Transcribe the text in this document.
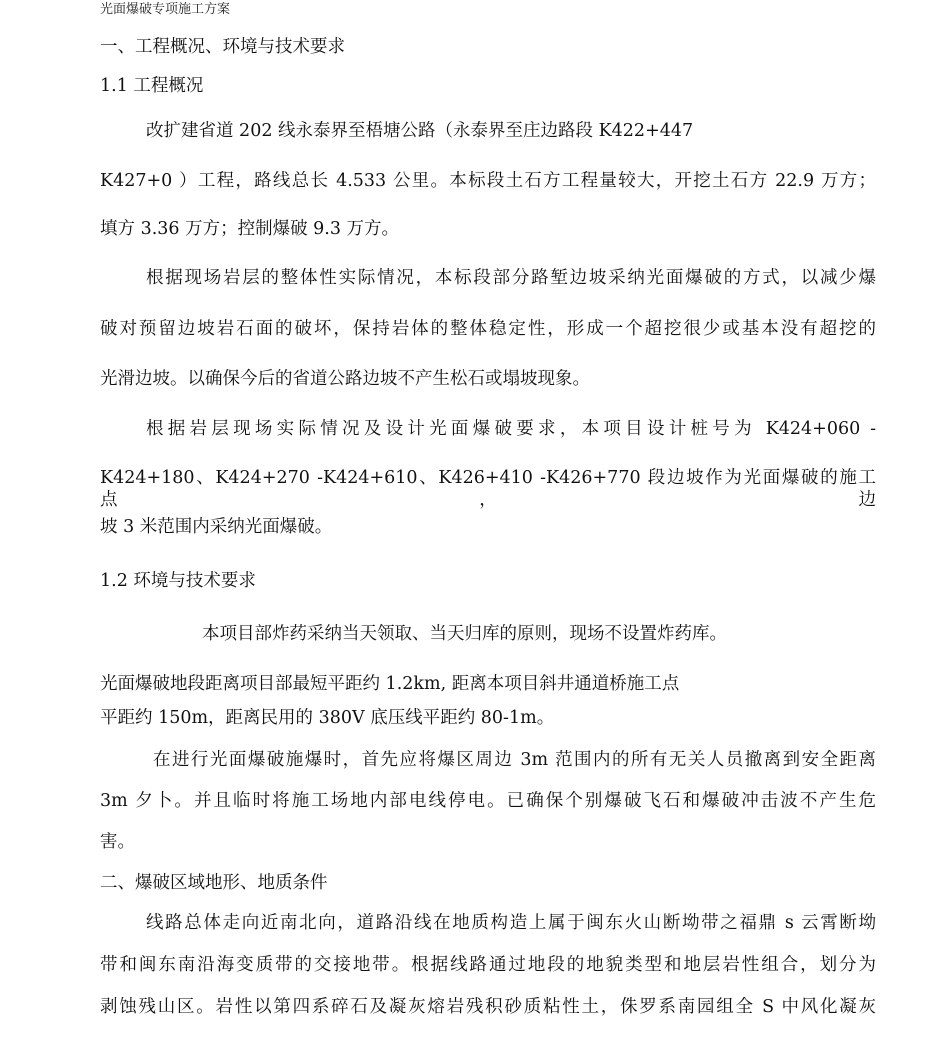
光面爆破专项施工方案
一、工程概况、环境与技术要求
1.1 工程概况
改扩建省道 202 线永泰界至梧塘公路（永泰界至庄边路段 K422+447
K427+0 ）工程，路线总长 4.533 公里。本标段土石方工程量较大，开挖土石方 22.9 万方；
填方 3.36 万方；控制爆破 9.3 万方。
根据现场岩层的整体性实际情况，本标段部分路堑边坡采纳光面爆破的方式，以减少爆
破对预留边坡岩石面的破坏，保持岩体的整体稳定性，形成一个超挖很少或基本没有超挖的
光滑边坡。以确保今后的省道公路边坡不产生松石或塌坡现象。
根据岩层现场实际情况及设计光面爆破要求，本项目设计桩号为 K424+060 -
K424+180、K424+270 -K424+610、K426+410 -K426+770 段边坡作为光面爆破的施工点，边
坡 3 米范围内采纳光面爆破。
1.2 环境与技术要求
本项目部炸药采纳当天领取、当天归库的原则，现场不设置炸药库。
光面爆破地段距离项目部最短平距约 1.2km, 距离本项目斜井通道桥施工点
平距约 150m，距离民用的 380V 底压线平距约 80-1m。
在进行光面爆破施爆时，首先应将爆区周边 3m 范围内的所有无关人员撤离到安全距离
3m 夕卜。并且临时将施工场地内部电线停电。已确保个别爆破飞石和爆破冲击波不产生危
害。
二、爆破区域地形、地质条件
线路总体走向近南北向，道路沿线在地质构造上属于闽东火山断坳带之福鼎 s 云霄断坳
带和闽东南沿海变质带的交接地带。根据线路通过地段的地貌类型和地层岩性组合，划分为
剥蚀残山区。岩性以第四系碎石及凝灰熔岩残积砂质粘性土，侏罗系南园组全 S 中风化凝灰
